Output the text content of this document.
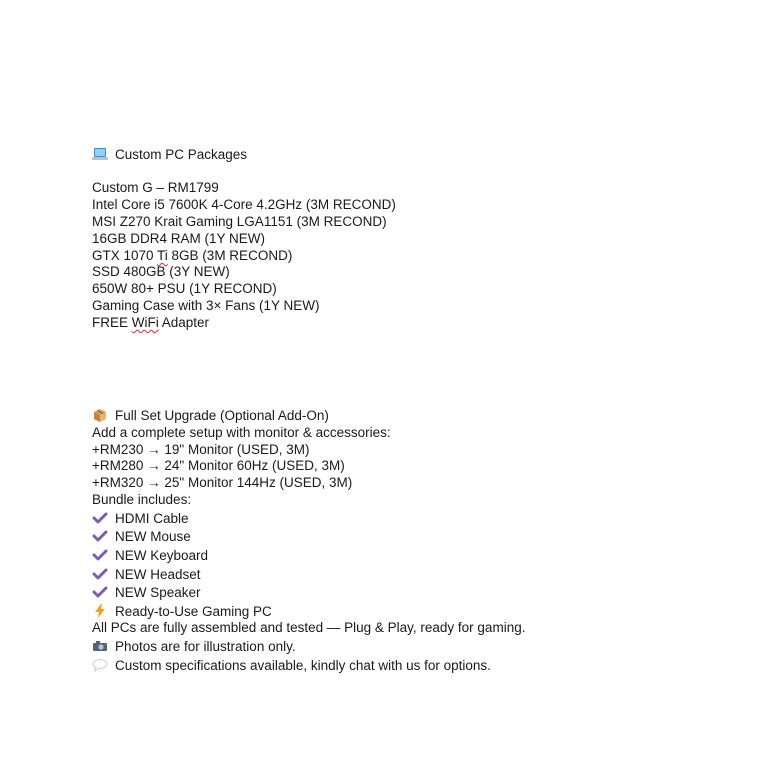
Custom PC Packages
Custom G – RM1799
Intel Core i5 7600K 4-Core 4.2GHz (3M RECOND)
MSI Z270 Krait Gaming LGA1151 (3M RECOND)
16GB DDR4 RAM (1Y NEW)
GTX 1070 Ti 8GB (3M RECOND)
SSD 480GB (3Y NEW)
650W 80+ PSU (1Y RECOND)
Gaming Case with 3× Fans (1Y NEW)
FREE WiFi Adapter
Full Set Upgrade (Optional Add-On)
Add a complete setup with monitor & accessories:
+RM230 → 19" Monitor (USED, 3M)
+RM280 → 24" Monitor 60Hz (USED, 3M)
+RM320 → 25" Monitor 144Hz (USED, 3M)
Bundle includes:
HDMI Cable
NEW Mouse
NEW Keyboard
NEW Headset
NEW Speaker
Ready-to-Use Gaming PC
All PCs are fully assembled and tested — Plug & Play, ready for gaming.
Photos are for illustration only.
Custom specifications available, kindly chat with us for options.
